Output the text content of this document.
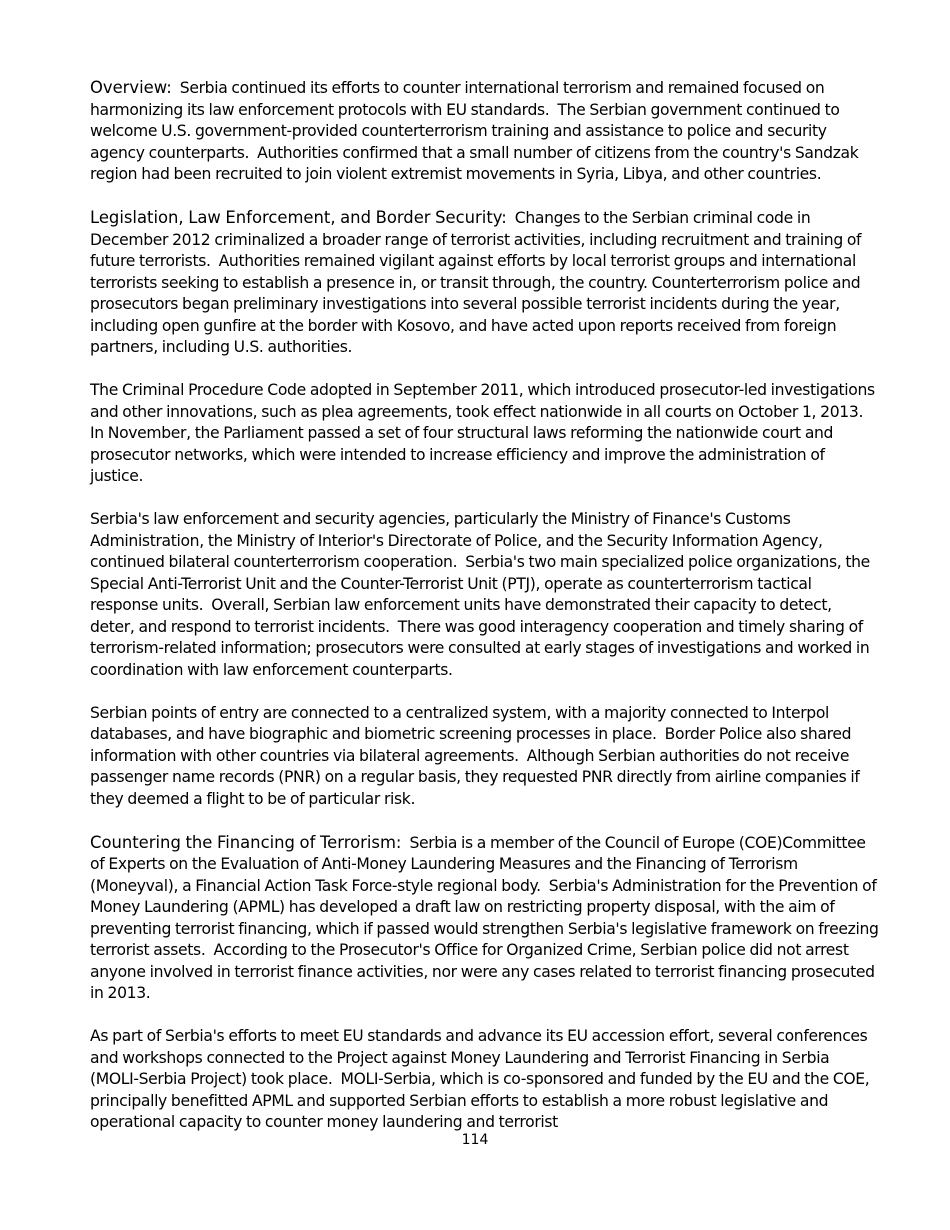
Overview:  Serbia continued its efforts to counter international terrorism and remained focused on harmonizing its law enforcement protocols with EU standards.  The Serbian government continued to welcome U.S. government-provided counterterrorism training and assistance to police and security agency counterparts.  Authorities confirmed that a small number of citizens from the country's Sandzak region had been recruited to join violent extremist movements in Syria, Libya, and other countries.

Legislation, Law Enforcement, and Border Security:  Changes to the Serbian criminal code in December 2012 criminalized a broader range of terrorist activities, including recruitment and training of future terrorists.  Authorities remained vigilant against efforts by local terrorist groups and international terrorists seeking to establish a presence in, or transit through, the country. Counterterrorism police and prosecutors began preliminary investigations into several possible terrorist incidents during the year, including open gunfire at the border with Kosovo, and have acted upon reports received from foreign partners, including U.S. authorities.

The Criminal Procedure Code adopted in September 2011, which introduced prosecutor-led investigations and other innovations, such as plea agreements, took effect nationwide in all courts on October 1, 2013.  In November, the Parliament passed a set of four structural laws reforming the nationwide court and prosecutor networks, which were intended to increase efficiency and improve the administration of justice.

Serbia's law enforcement and security agencies, particularly the Ministry of Finance's Customs Administration, the Ministry of Interior's Directorate of Police, and the Security Information Agency, continued bilateral counterterrorism cooperation.  Serbia's two main specialized police organizations, the Special Anti-Terrorist Unit and the Counter-Terrorist Unit (PTJ), operate as counterterrorism tactical response units.  Overall, Serbian law enforcement units have demonstrated their capacity to detect, deter, and respond to terrorist incidents.  There was good interagency cooperation and timely sharing of terrorism-related information; prosecutors were consulted at early stages of investigations and worked in coordination with law enforcement counterparts.

Serbian points of entry are connected to a centralized system, with a majority connected to Interpol databases, and have biographic and biometric screening processes in place.  Border Police also shared information with other countries via bilateral agreements.  Although Serbian authorities do not receive passenger name records (PNR) on a regular basis, they requested PNR directly from airline companies if they deemed a flight to be of particular risk.

Countering the Financing of Terrorism:  Serbia is a member of the Council of Europe (COE)Committee of Experts on the Evaluation of Anti-Money Laundering Measures and the Financing of Terrorism (Moneyval), a Financial Action Task Force-style regional body.  Serbia's Administration for the Prevention of Money Laundering (APML) has developed a draft law on restricting property disposal, with the aim of preventing terrorist financing, which if passed would strengthen Serbia's legislative framework on freezing terrorist assets.  According to the Prosecutor's Office for Organized Crime, Serbian police did not arrest anyone involved in terrorist finance activities, nor were any cases related to terrorist financing prosecuted in 2013.

As part of Serbia's efforts to meet EU standards and advance its EU accession effort, several conferences and workshops connected to the Project against Money Laundering and Terrorist Financing in Serbia (MOLI-Serbia Project) took place.  MOLI-Serbia, which is co-sponsored and funded by the EU and the COE, principally benefitted APML and supported Serbian efforts to establish a more robust legislative and operational capacity to counter money laundering and terrorist

114
